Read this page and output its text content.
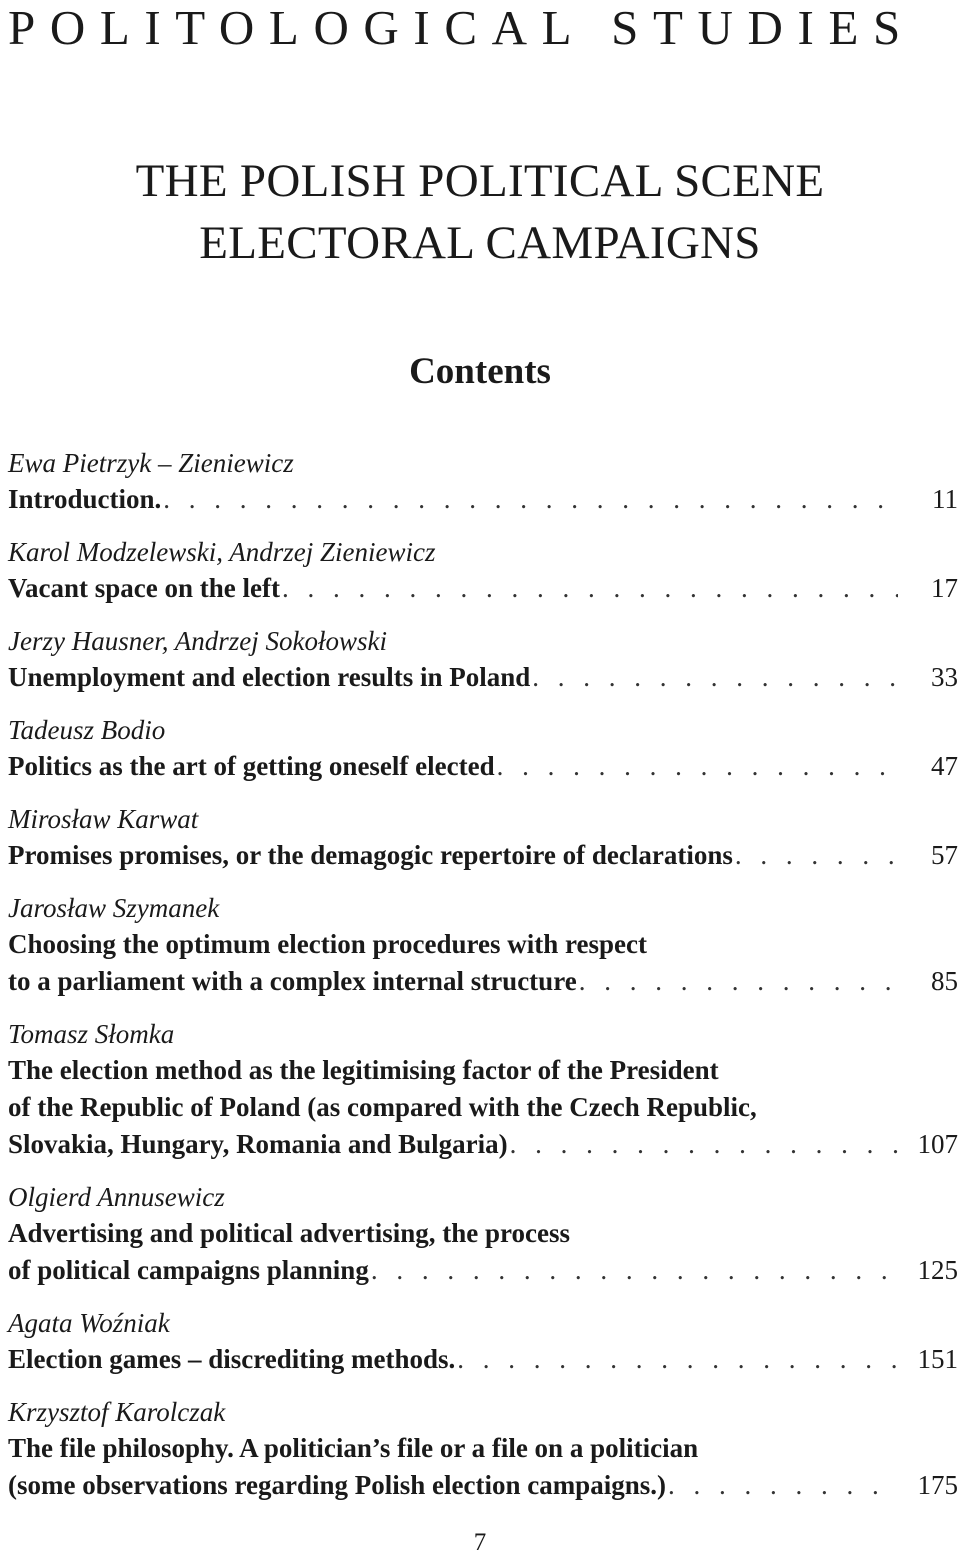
POLITOLOGICAL STUDIES
THE POLISH POLITICAL SCENE
ELECTORAL CAMPAIGNS
Contents
Ewa Pietrzyk – Zieniewicz
Introduction. . . .	11
Karol Modzelewski, Andrzej Zieniewicz
Vacant space on the left . . .	17
Jerzy Hausner, Andrzej Sokołowski
Unemployment and election results in Poland . . .	33
Tadeusz Bodio
Politics as the art of getting oneself elected . . .	47
Mirosław Karwat
Promises promises, or the demagogic repertoire of declarations . . .	57
Jarosław Szymanek
Choosing the optimum election procedures with respect
to a parliament with a complex internal structure . . .	85
Tomasz Słomka
The election method as the legitimising factor of the President
of the Republic of Poland (as compared with the Czech Republic,
Slovakia, Hungary, Romania and Bulgaria) . . .	107
Olgierd Annusewicz
Advertising and political advertising, the process
of political campaigns planning . . .	125
Agata Woźniak
Election games – discrediting methods. . . .	151
Krzysztof Karolczak
The file philosophy. A politician’s file or a file on a politician
(some observations regarding Polish election campaigns.) . . .	175
7
